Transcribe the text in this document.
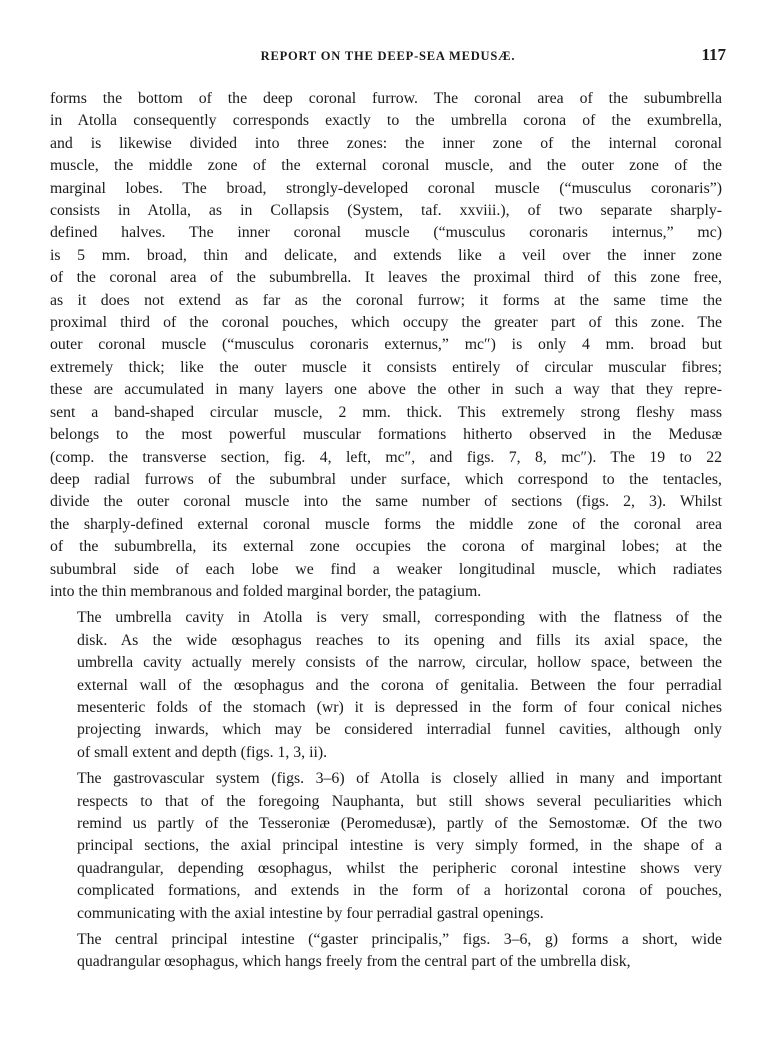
REPORT ON THE DEEP-SEA MEDUSÆ.	117
forms the bottom of the deep coronal furrow. The coronal area of the subumbrella
in Atolla consequently corresponds exactly to the umbrella corona of the exumbrella,
and is likewise divided into three zones: the inner zone of the internal coronal
muscle, the middle zone of the external coronal muscle, and the outer zone of the
marginal lobes. The broad, strongly-developed coronal muscle (“musculus coronaris”)
consists in Atolla, as in Collapsis (System, taf. xxviii.), of two separate sharply-
defined halves. The inner coronal muscle (“musculus coronaris internus,” mc)
is 5 mm. broad, thin and delicate, and extends like a veil over the inner zone
of the coronal area of the subumbrella. It leaves the proximal third of this zone free,
as it does not extend as far as the coronal furrow; it forms at the same time the
proximal third of the coronal pouches, which occupy the greater part of this zone. The
outer coronal muscle (“musculus coronaris externus,” mc″) is only 4 mm. broad but
extremely thick; like the outer muscle it consists entirely of circular muscular fibres;
these are accumulated in many layers one above the other in such a way that they repre-
sent a band-shaped circular muscle, 2 mm. thick. This extremely strong fleshy mass
belongs to the most powerful muscular formations hitherto observed in the Medusæ
(comp. the transverse section, fig. 4, left, mc″, and figs. 7, 8, mc″). The 19 to 22
deep radial furrows of the subumbral under surface, which correspond to the tentacles,
divide the outer coronal muscle into the same number of sections (figs. 2, 3). Whilst
the sharply-defined external coronal muscle forms the middle zone of the coronal area
of the subumbrella, its external zone occupies the corona of marginal lobes; at the
subumbral side of each lobe we find a weaker longitudinal muscle, which radiates
into the thin membranous and folded marginal border, the patagium.
The umbrella cavity in Atolla is very small, corresponding with the flatness of the
disk. As the wide œsophagus reaches to its opening and fills its axial space, the
umbrella cavity actually merely consists of the narrow, circular, hollow space, between the
external wall of the œsophagus and the corona of genitalia. Between the four perradial
mesenteric folds of the stomach (wr) it is depressed in the form of four conical niches
projecting inwards, which may be considered interradial funnel cavities, although only
of small extent and depth (figs. 1, 3, ii).
The gastrovascular system (figs. 3–6) of Atolla is closely allied in many and important
respects to that of the foregoing Nauphanta, but still shows several peculiarities which
remind us partly of the Tesseroniæ (Peromedusæ), partly of the Semostomæ. Of the two
principal sections, the axial principal intestine is very simply formed, in the shape of a
quadrangular, depending œsophagus, whilst the peripheric coronal intestine shows very
complicated formations, and extends in the form of a horizontal corona of pouches,
communicating with the axial intestine by four perradial gastral openings.
The central principal intestine (“gaster principalis,” figs. 3–6, g) forms a short, wide
quadrangular œsophagus, which hangs freely from the central part of the umbrella disk,
